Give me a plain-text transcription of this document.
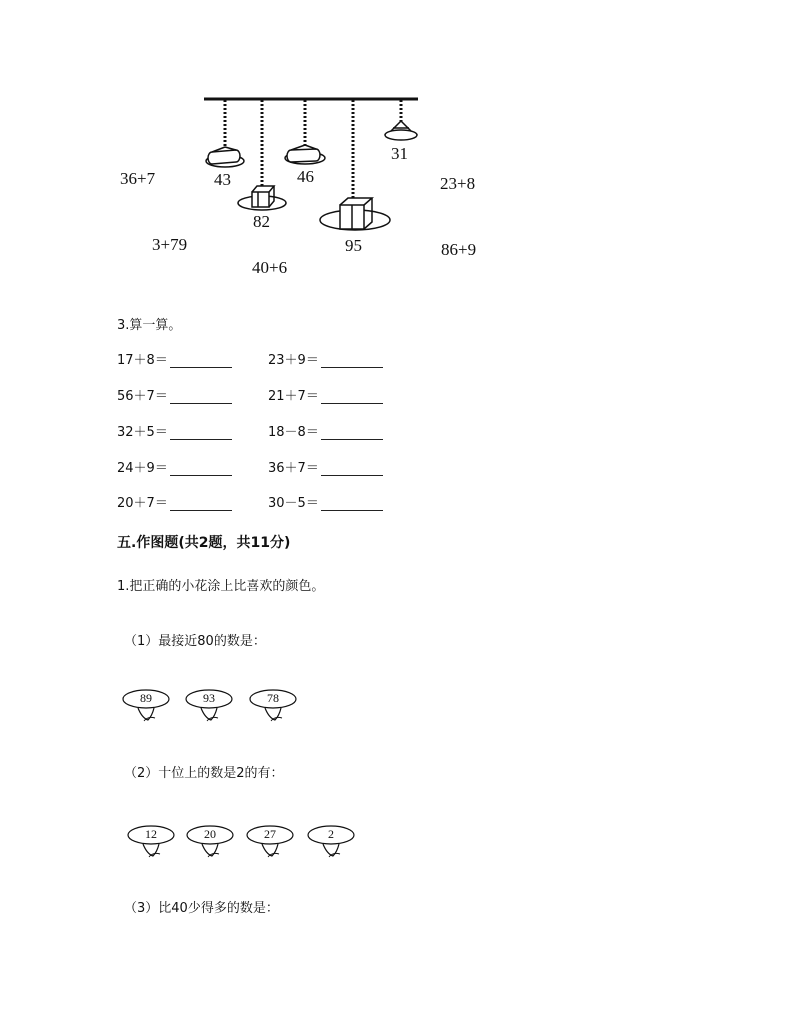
43
82
46
95
31
36+7	23+8
3+79
40+6
86+9
3.算一算。
17＋8＝	23＋9＝
56＋7＝	21＋7＝
32＋5＝	18－8＝
24＋9＝	36＋7＝
20＋7＝	30－5＝
五.作图题(共2题，共11分)
1.把正确的小花涂上比喜欢的颜色。
（1）最接近80的数是：
（2）十位上的数是2的有：
（3）比40少得多的数是：
89	93	78
12	20	27	2
